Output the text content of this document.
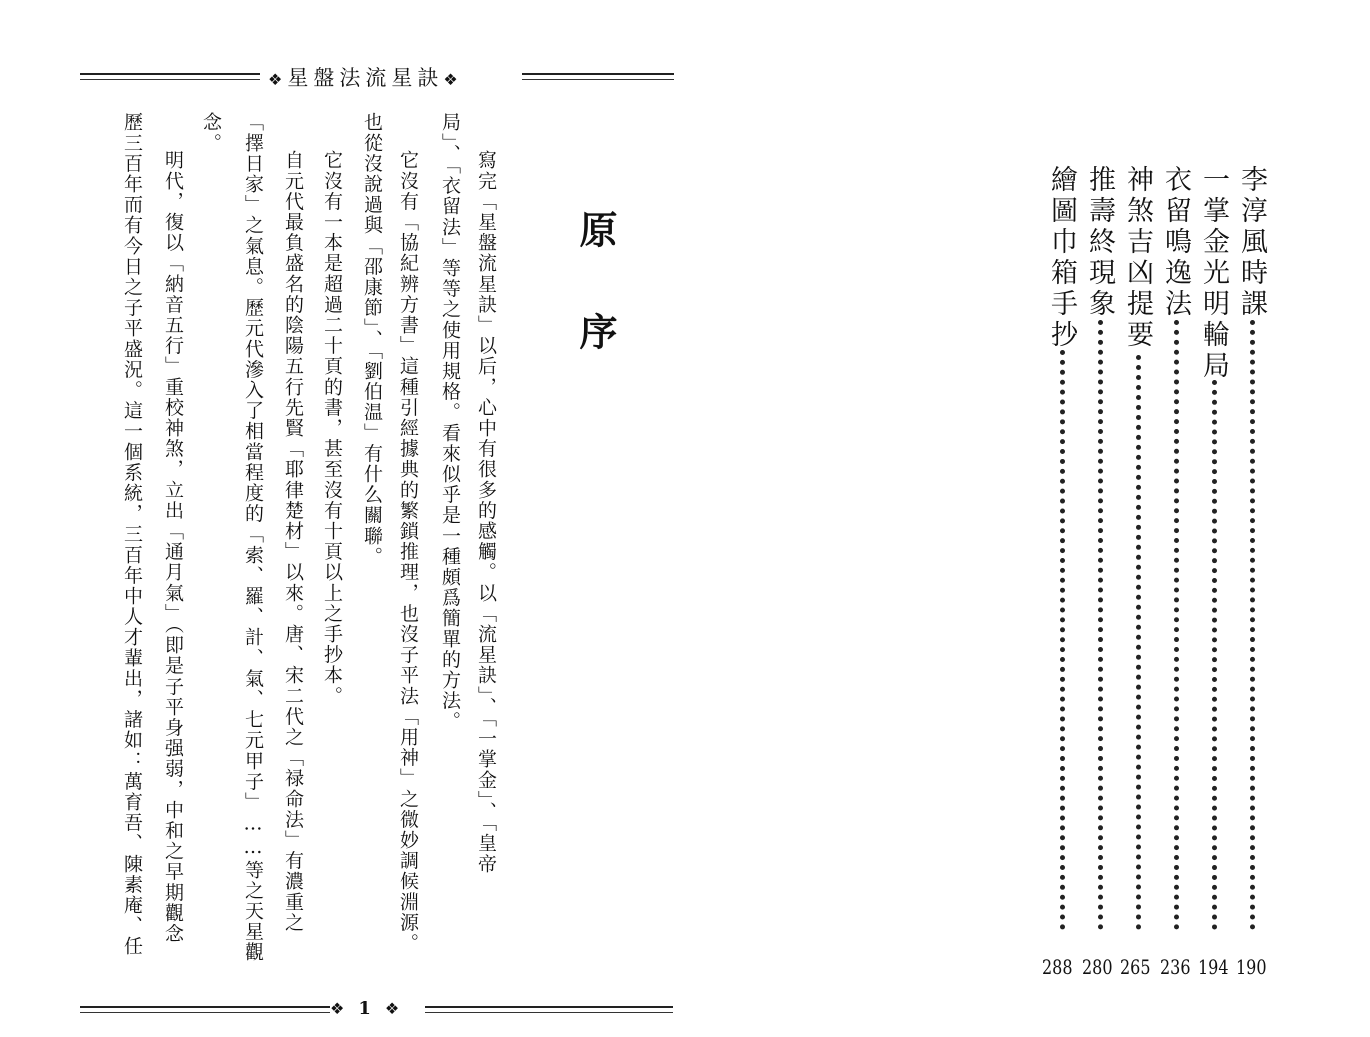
❖星盤法流星訣❖
原序
寫完「星盤流星訣」以后，心中有很多的感觸。以「流星訣」、「一掌金」、「皇帝
局」、「衣留法」等等之使用規格。看來似乎是一種頗爲簡單的方法。
它沒有「協紀辨方書」這種引經據典的繁鎖推理，也沒子平法「用神」之微妙調候淵源。
也從沒說過與「邵康節」、「劉伯温」有什么關聯。
它沒有一本是超過二十頁的書，甚至沒有十頁以上之手抄本。
自元代最負盛名的陰陽五行先賢「耶律楚材」以來。唐、宋二代之「禄命法」有濃重之
「擇日家」之氣息。歷元代滲入了相當程度的「索、羅、計、氣、七元甲子」……等之天星觀
念。
明代，復以「納音五行」重校神煞，立出「通月氣」（即是子平身强弱，中和之早期觀念
歷三百年而有今日之子平盛況。這一個系統，三百年中人才輩出，諸如：萬育吾、陳素庵、任
❖ 1 ❖
李淳風時課
一掌金光明輪局
衣留鳴逸法
神煞吉凶提要
推壽終現象
繪圖巾箱手抄
190
194
236
265
280
288
